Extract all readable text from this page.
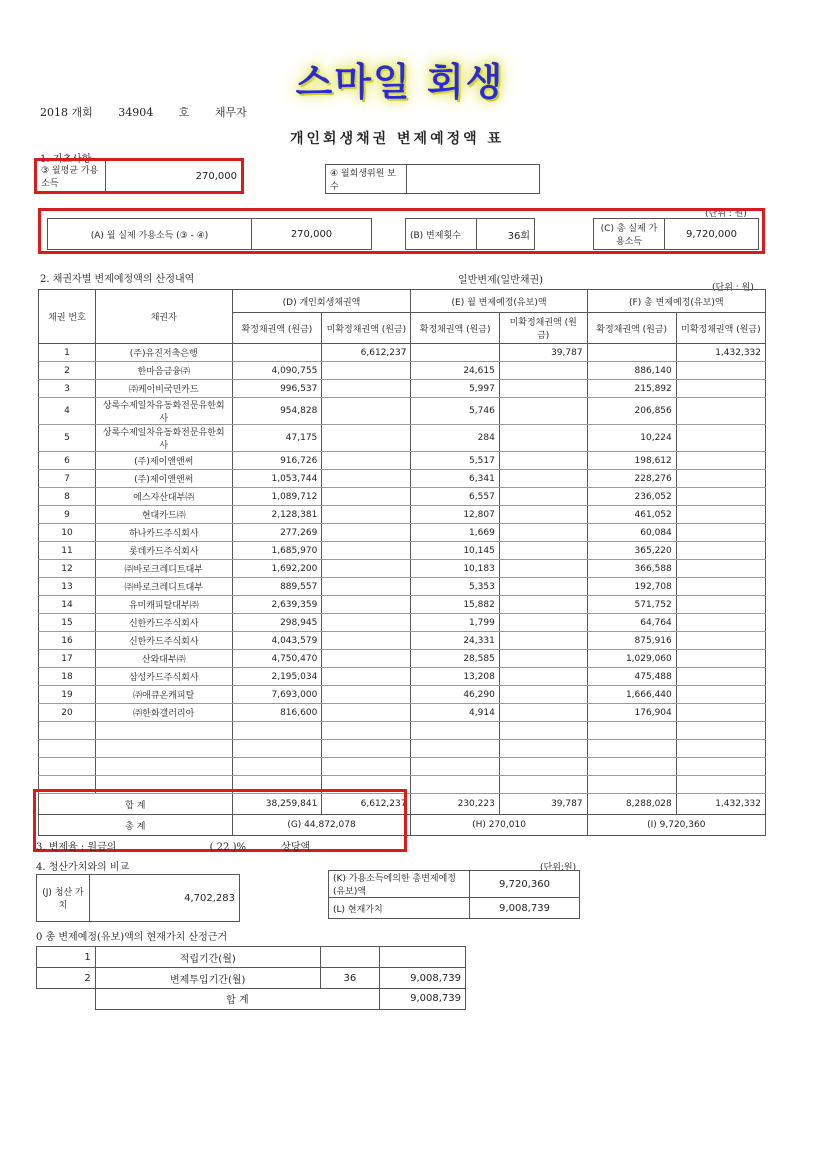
스마일 회생
2018 개회 34904 호 채무자
개인회생채권 변제예정액 표
1. 기초사항
③ 월평균 가용소득	270,000	④ 월회생위원 보수	
(단위 : 원)
(A) 월 실제 가용소득 (③ - ④)	270,000	(B) 변제횟수	36회
(C) 총 실제 가용소득	9,720,000
2. 채권자별 변제예정액의 산정내역	일반변제(일반채권)
(단위 : 원)
채권 번호	채권자	(D) 개인회생채권액		(E) 월 변제예정(유보)액		(F) 총 변제예정(유보)액	
		확정채권액 (원금)	미확정채권액 (원금)	확정채권액 (원금)	미확정채권액 (원금)	확정채권액 (원금)	미확정채권액 (원금)
1	(주)유진저축은행		6,612,237		39,787		1,432,332
2	한마음금융㈜	4,090,755		24,615		886,140	
3	㈜케이비국민카드	996,537		5,997		215,892	
4	상록수제일차유동화전문유한회사	954,828		5,746		206,856	
5	상록수제일차유동화전문유한회사	47,175		284		10,224	
6	(주)제이앤앤써	916,726		5,517		198,612	
7	(주)제이앤앤써	1,053,744		6,341		228,276	
8	에스자산대부㈜	1,089,712		6,557		236,052	
9	현대카드㈜	2,128,381		12,807		461,052	
10	하나카드주식회사	277,269		1,669		60,084	
11	롯데카드주식회사	1,685,970		10,145		365,220	
12	㈜바로크레디트대부	1,692,200		10,183		366,588	
13	㈜바로크레디트대부	889,557		5,353		192,708	
14	유미캐피탈대부㈜	2,639,359		15,882		571,752	
15	신한카드주식회사	298,945		1,799		64,764	
16	신한카드주식회사	4,043,579		24,331		875,916	
17	산와대부㈜	4,750,470		28,585		1,029,060	
18	삼성카드주식회사	2,195,034		13,208		475,488	
19	㈜애큐온캐피탈	7,693,000		46,290		1,666,440	
20	㈜한화갤러리아	816,600		4,914		176,904	

합 계		38,259,841	6,612,237	230,223	39,787	8,288,028	1,432,332
총 계		(G) 44,872,078		(H) 270,010		(I) 9,720,360	
3. 변제율 : 원금의	( 22 )%	상당액
4. 청산가치와의 비교	(단위:원)
(J) 청산 가치	4,702,283
(K) 가용소득에의한 총변제예정(유보)액	9,720,360
(L) 현재가치	9,008,739
0 총 변제예정(유보)액의 현재가치 산정근거
1	적립기간(월)		
2	변제투입기간(월)	36	9,008,739
	합 계		9,008,739
